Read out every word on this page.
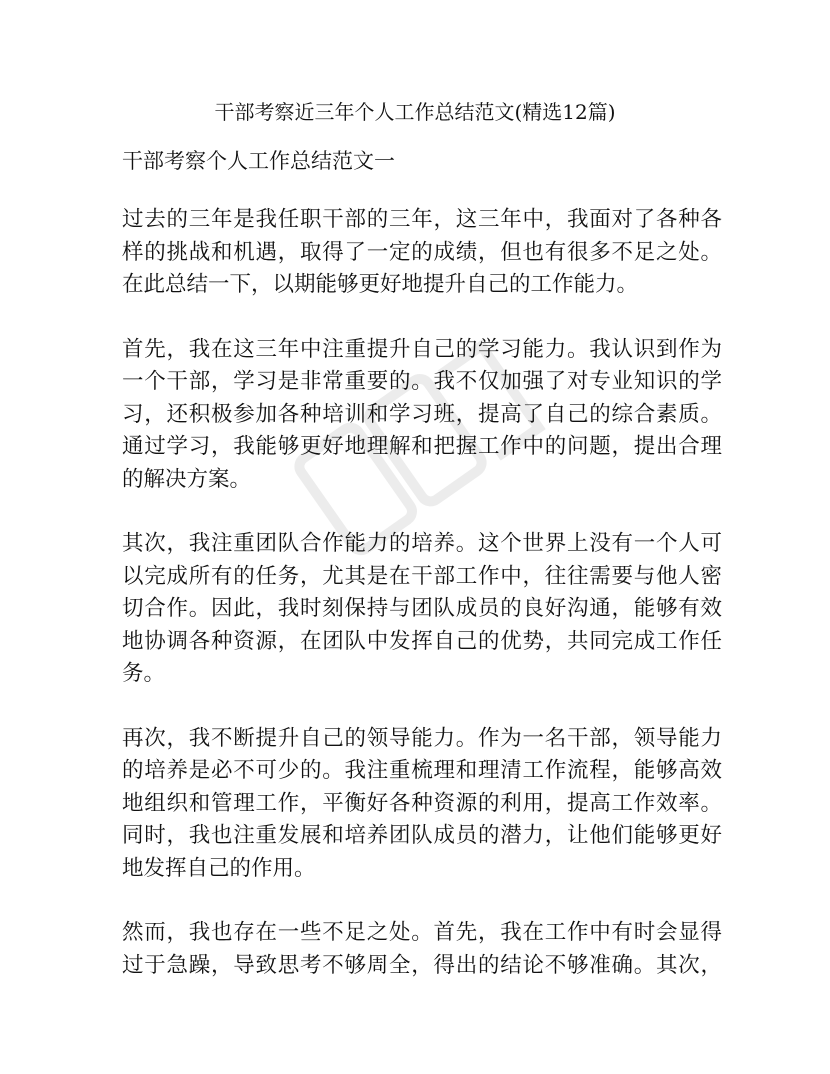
干部考察近三年个人工作总结范文(精选12篇)
干部考察个人工作总结范文一

过去的三年是我任职干部的三年，这三年中，我面对了各种各
样的挑战和机遇，取得了一定的成绩，但也有很多不足之处。
在此总结一下，以期能够更好地提升自己的工作能力。

首先，我在这三年中注重提升自己的学习能力。我认识到作为
一个干部，学习是非常重要的。我不仅加强了对专业知识的学
习，还积极参加各种培训和学习班，提高了自己的综合素质。
通过学习，我能够更好地理解和把握工作中的问题，提出合理
的解决方案。

其次，我注重团队合作能力的培养。这个世界上没有一个人可
以完成所有的任务，尤其是在干部工作中，往往需要与他人密
切合作。因此，我时刻保持与团队成员的良好沟通，能够有效
地协调各种资源，在团队中发挥自己的优势，共同完成工作任
务。

再次，我不断提升自己的领导能力。作为一名干部，领导能力
的培养是必不可少的。我注重梳理和理清工作流程，能够高效
地组织和管理工作，平衡好各种资源的利用，提高工作效率。
同时，我也注重发展和培养团队成员的潜力，让他们能够更好
地发挥自己的作用。

然而，我也存在一些不足之处。首先，我在工作中有时会显得
过于急躁，导致思考不够周全，得出的结论不够准确。其次，
